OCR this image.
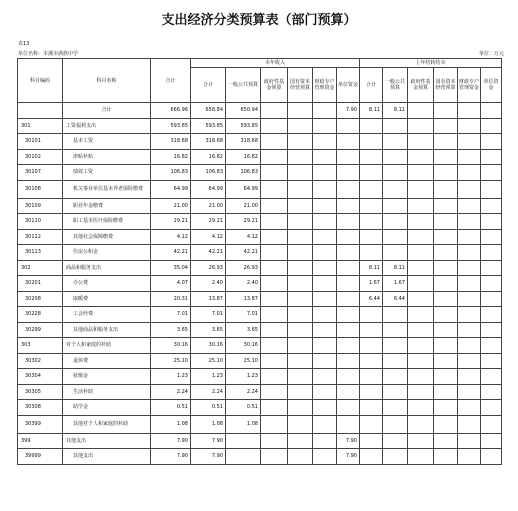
支出经济分类预算表（部门预算）
表13
单位名称：本溪市满族中学	单位：万元
科目编码	科目名称	合计	本年收入						上年结转结余					
			合计	一般公共预算	政府性基金预算	国有资本经营预算	财政专户管理资金	单位资金	合计	一般公共预算	政府性基金预算	国有资本经营预算	财政专户管理资金	单位资金
	合计	666.96	658.84	650.94				7.90	8.11	8.11				
301	工资福利支出	593.85	593.85	593.85										
30101	基本工资	318.68	318.68	318.68										
30102	津贴补贴	16.82	16.82	16.82										
30107	绩效工资	106.83	106.83	106.83										
30108	机关事业单位基本养老保险缴费	64.99	64.99	64.99										
30109	职业年金缴费	21.00	21.00	21.00										
30110	职工基本医疗保险缴费	29.21	29.21	29.21										
30112	其他社会保障缴费	4.12	4.12	4.12										
30113	住房公积金	42.21	42.21	42.21										
302	商品和服务支出	35.04	26.93	26.93					8.11	8.11				
30201	办公费	4.07	2.40	2.40					1.67	1.67				
30208	取暖费	20.31	13.87	13.87					6.44	6.44				
30228	工会经费	7.01	7.01	7.01										
30299	其他商品和服务支出	3.65	3.65	3.65										
303	对个人和家庭的补助	30.16	30.16	30.16										
30302	退休费	25.10	25.10	25.10										
30304	抚恤金	1.23	1.23	1.23										
30305	生活补助	2.24	2.24	2.24										
30308	助学金	0.51	0.51	0.51										
30399	其他对个人和家庭的补助	1.08	1.08	1.08										
399	其他支出	7.90	7.90					7.90						
39999	其他支出	7.90	7.90					7.90						
